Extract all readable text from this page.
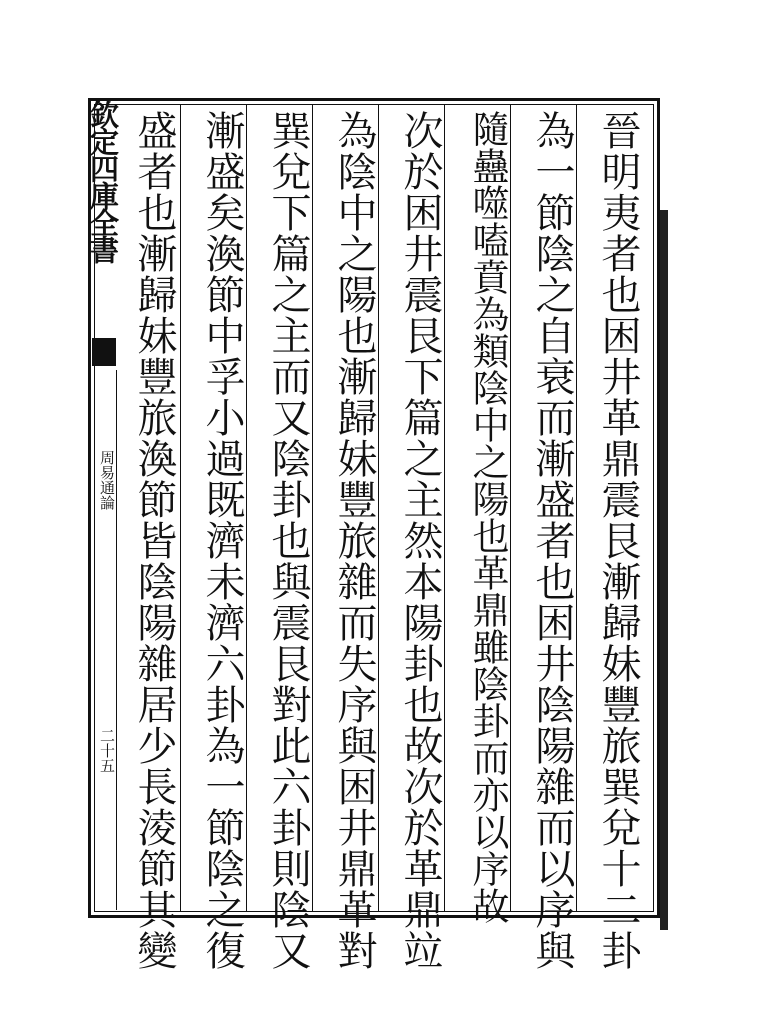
欽定四庫全書
周易通論
二十五	晉明夷者也困井革鼎震艮漸歸妹豐旅巽兌十二卦
為一節陰之自衰而漸盛者也困井陰陽雜而以序與
隨蠱噬嗑賁為類陰中之陽也革鼎雖陰卦而亦以序故
次於困井震艮下篇之主然本陽卦也故次於革鼎竝
為陰中之陽也漸歸妹豐旅雜而失序與困井鼎革對
巽兌下篇之主而又陰卦也與震艮對此六卦則陰又
漸盛矣渙節中孚小過既濟未濟六卦為一節陰之復
盛者也漸歸妹豐旅渙節皆陰陽雜居少長淩節其變
